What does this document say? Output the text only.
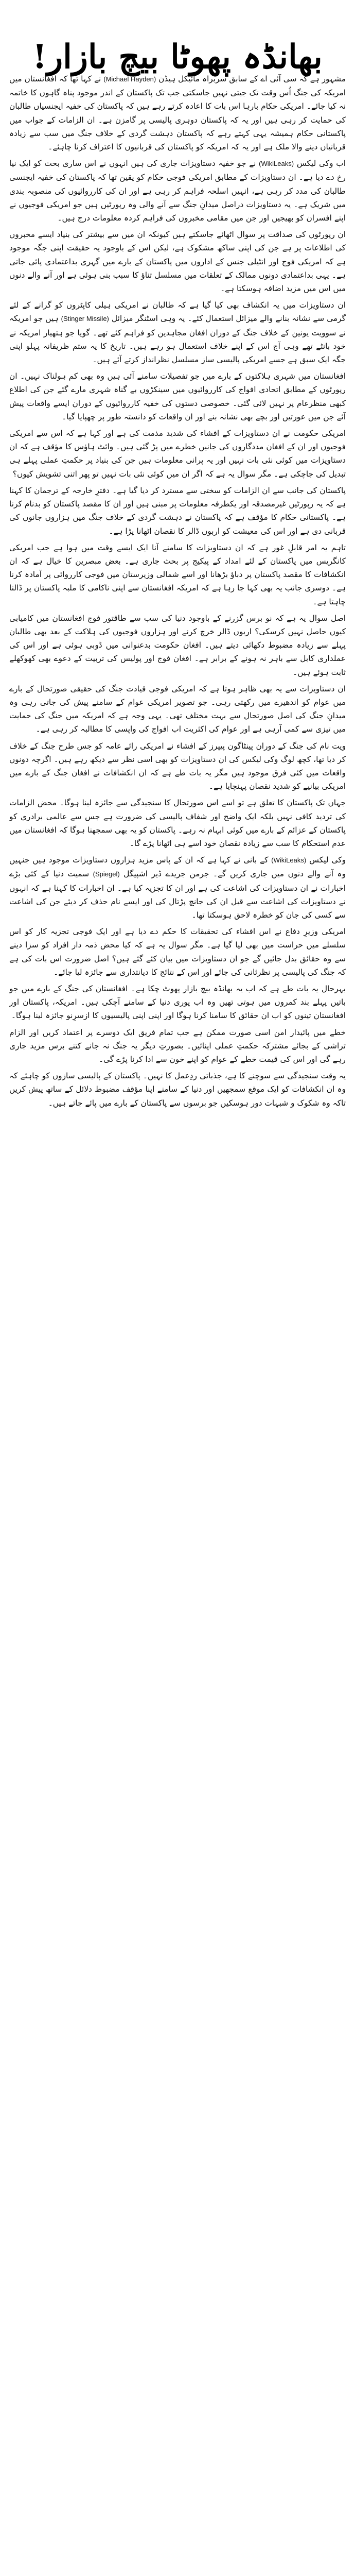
بھانڈہ پھوٹا بیچ بازار!

مشہور ہے کہ سی آئی اے کے سابق سربراہ مائیکل ہیڈن (Michael Hayden) نے کہا تھا کہ افغانستان میں امریکہ کی جنگ اُس وقت تک جیتی نہیں جاسکتی جب تک پاکستان کے اندر موجود پناہ گاہوں کا خاتمہ نہ کیا جائے۔ امریکی حکام بارہا اس بات کا اعادہ کرتے رہے ہیں کہ پاکستان کی خفیہ ایجنسیاں طالبان کی حمایت کر رہی ہیں اور یہ کہ پاکستان دوہری پالیسی پر گامزن ہے۔ ان الزامات کے جواب میں پاکستانی حکام ہمیشہ یہی کہتے رہے کہ پاکستان دہشت گردی کے خلاف جنگ میں سب سے زیادہ قربانیاں دینے والا ملک ہے اور یہ کہ امریکہ کو پاکستان کی قربانیوں کا اعتراف کرنا چاہئے۔

اب وکی لیکس (WikiLeaks) نے جو خفیہ دستاویزات جاری کی ہیں انہوں نے اس ساری بحث کو ایک نیا رخ دے دیا ہے۔ ان دستاویزات کے مطابق امریکی فوجی حکام کو یقین تھا کہ پاکستان کی خفیہ ایجنسی طالبان کی مدد کر رہی ہے، انہیں اسلحہ فراہم کر رہی ہے اور ان کی کارروائیوں کی منصوبہ بندی میں شریک ہے۔ یہ دستاویزات دراصل میدانِ جنگ سے آنے والی وہ رپورٹیں ہیں جو امریکی فوجیوں نے اپنے افسران کو بھیجیں اور جن میں مقامی مخبروں کی فراہم کردہ معلومات درج ہیں۔

ان رپورٹوں کی صداقت پر سوال اٹھائے جاسکتے ہیں کیونکہ ان میں سے بیشتر کی بنیاد ایسے مخبروں کی اطلاعات پر ہے جن کی اپنی ساکھ مشکوک ہے، لیکن اس کے باوجود یہ حقیقت اپنی جگہ موجود ہے کہ امریکی فوج اور انٹیلی جنس کے اداروں میں پاکستان کے بارے میں گہری بداعتمادی پائی جاتی ہے۔ یہی بداعتمادی دونوں ممالک کے تعلقات میں مسلسل تناؤ کا سبب بنی ہوئی ہے اور آنے والے دنوں میں اس میں مزید اضافہ ہوسکتا ہے۔

ان دستاویزات میں یہ انکشاف بھی کیا گیا ہے کہ طالبان نے امریکی ہیلی کاپٹروں کو گرانے کے لئے گرمی سے نشانہ بنانے والے میزائل استعمال کئے۔ یہ وہی اسٹنگر میزائل (Stinger Missile) ہیں جو امریکہ نے سوویت یونین کے خلاف جنگ کے دوران افغان مجاہدین کو فراہم کئے تھے۔ گویا جو ہتھیار امریکہ نے خود بانٹے تھے وہی آج اس کے اپنے خلاف استعمال ہو رہے ہیں۔ تاریخ کا یہ ستم ظریفانہ پہلو اپنی جگہ ایک سبق ہے جسے امریکی پالیسی ساز مسلسل نظرانداز کرتے آئے ہیں۔

افغانستان میں شہری ہلاکتوں کے بارے میں جو تفصیلات سامنے آئی ہیں وہ بھی کم ہولناک نہیں۔ ان رپورٹوں کے مطابق اتحادی افواج کی کارروائیوں میں سینکڑوں بے گناہ شہری مارے گئے جن کی اطلاع کبھی منظرعام پر نہیں لائی گئی۔ خصوصی دستوں کی خفیہ کارروائیوں کے دوران ایسے واقعات پیش آئے جن میں عورتیں اور بچے بھی نشانہ بنے اور ان واقعات کو دانستہ طور پر چھپایا گیا۔

امریکی حکومت نے ان دستاویزات کے افشاء کی شدید مذمت کی ہے اور کہا ہے کہ اس سے امریکی فوجیوں اور ان کے افغان مددگاروں کی جانیں خطرے میں پڑ گئی ہیں۔ وائٹ ہاؤس کا مؤقف ہے کہ ان دستاویزات میں کوئی نئی بات نہیں اور یہ پرانی معلومات ہیں جن کی بنیاد پر حکمتِ عملی پہلے ہی تبدیل کی جاچکی ہے۔ مگر سوال یہ ہے کہ اگر ان میں کوئی نئی بات نہیں تو پھر اتنی تشویش کیوں؟

پاکستان کی جانب سے ان الزامات کو سختی سے مسترد کر دیا گیا ہے۔ دفترِ خارجہ کے ترجمان کا کہنا ہے کہ یہ رپورٹیں غیرمصدقہ اور یکطرفہ معلومات پر مبنی ہیں اور ان کا مقصد پاکستان کو بدنام کرنا ہے۔ پاکستانی حکام کا مؤقف ہے کہ پاکستان نے دہشت گردی کے خلاف جنگ میں ہزاروں جانوں کی قربانی دی ہے اور اس کی معیشت کو اربوں ڈالر کا نقصان اٹھانا پڑا ہے۔

تاہم یہ امر قابلِ غور ہے کہ ان دستاویزات کا سامنے آنا ایک ایسے وقت میں ہوا ہے جب امریکی کانگریس میں پاکستان کے لئے امداد کے پیکیج پر بحث جاری ہے۔ بعض مبصرین کا خیال ہے کہ ان انکشافات کا مقصد پاکستان پر دباؤ بڑھانا اور اسے شمالی وزیرستان میں فوجی کارروائی پر آمادہ کرنا ہے۔ دوسری جانب یہ بھی کہا جا رہا ہے کہ امریکہ افغانستان سے اپنی ناکامی کا ملبہ پاکستان پر ڈالنا چاہتا ہے۔

اصل سوال یہ ہے کہ نو برس گزرنے کے باوجود دنیا کی سب سے طاقتور فوج افغانستان میں کامیابی کیوں حاصل نہیں کرسکی؟ اربوں ڈالر خرچ کرنے اور ہزاروں فوجیوں کی ہلاکت کے بعد بھی طالبان پہلے سے زیادہ مضبوط دکھائی دیتے ہیں۔ افغان حکومت بدعنوانی میں ڈوبی ہوئی ہے اور اس کی عملداری کابل سے باہر نہ ہونے کے برابر ہے۔ افغان فوج اور پولیس کی تربیت کے دعوے بھی کھوکھلے ثابت ہوئے ہیں۔

ان دستاویزات سے یہ بھی ظاہر ہوتا ہے کہ امریکی فوجی قیادت جنگ کی حقیقی صورتحال کے بارے میں عوام کو اندھیرے میں رکھتی رہی۔ جو تصویر امریکی عوام کے سامنے پیش کی جاتی رہی وہ میدانِ جنگ کی اصل صورتحال سے بہت مختلف تھی۔ یہی وجہ ہے کہ امریکہ میں جنگ کی حمایت میں تیزی سے کمی آرہی ہے اور عوام کی اکثریت اب افواج کی واپسی کا مطالبہ کر رہی ہے۔

ویت نام کی جنگ کے دوران پینٹاگون پیپرز کے افشاء نے امریکی رائے عامہ کو جس طرح جنگ کے خلاف کر دیا تھا، کچھ لوگ وکی لیکس کی ان دستاویزات کو بھی اسی نظر سے دیکھ رہے ہیں۔ اگرچہ دونوں واقعات میں کئی فرق موجود ہیں مگر یہ بات طے ہے کہ ان انکشافات نے افغان جنگ کے بارے میں امریکی بیانیے کو شدید نقصان پہنچایا ہے۔

جہاں تک پاکستان کا تعلق ہے تو اسے اس صورتحال کا سنجیدگی سے جائزہ لینا ہوگا۔ محض الزامات کی تردید کافی نہیں بلکہ ایک واضح اور شفاف پالیسی کی ضرورت ہے جس سے عالمی برادری کو پاکستان کے عزائم کے بارے میں کوئی ابہام نہ رہے۔ پاکستان کو یہ بھی سمجھنا ہوگا کہ افغانستان میں عدم استحکام کا سب سے زیادہ نقصان خود اسے ہی اٹھانا پڑے گا۔

وکی لیکس (WikiLeaks) کے بانی نے کہا ہے کہ ان کے پاس مزید ہزاروں دستاویزات موجود ہیں جنہیں وہ آنے والے دنوں میں جاری کریں گے۔ جرمن جریدے ڈیر اشپیگل (Spiegel) سمیت دنیا کے کئی بڑے اخبارات نے ان دستاویزات کی اشاعت کی ہے اور ان کا تجزیہ کیا ہے۔ ان اخبارات کا کہنا ہے کہ انہوں نے دستاویزات کی اشاعت سے قبل ان کی جانچ پڑتال کی اور ایسے نام حذف کر دیئے جن کی اشاعت سے کسی کی جان کو خطرہ لاحق ہوسکتا تھا۔

امریکی وزیرِ دفاع نے اس افشاء کی تحقیقات کا حکم دے دیا ہے اور ایک فوجی تجزیہ کار کو اس سلسلے میں حراست میں بھی لیا گیا ہے۔ مگر سوال یہ ہے کہ کیا محض ذمہ دار افراد کو سزا دینے سے وہ حقائق بدل جائیں گے جو ان دستاویزات میں بیان کئے گئے ہیں؟ اصل ضرورت اس بات کی ہے کہ جنگ کی پالیسی پر نظرثانی کی جائے اور اس کے نتائج کا دیانتداری سے جائزہ لیا جائے۔

بہرحال یہ بات طے ہے کہ اب یہ بھانڈہ بیچ بازار پھوٹ چکا ہے۔ افغانستان کی جنگ کے بارے میں جو باتیں پہلے بند کمروں میں ہوتی تھیں وہ اب پوری دنیا کے سامنے آچکی ہیں۔ امریکہ، پاکستان اور افغانستان تینوں کو اب ان حقائق کا سامنا کرنا ہوگا اور اپنی اپنی پالیسیوں کا ازسرِنو جائزہ لینا ہوگا۔

خطے میں پائیدار امن اسی صورت ممکن ہے جب تمام فریق ایک دوسرے پر اعتماد کریں اور الزام تراشی کے بجائے مشترکہ حکمتِ عملی اپنائیں۔ بصورتِ دیگر یہ جنگ نہ جانے کتنے برس مزید جاری رہے گی اور اس کی قیمت خطے کے عوام کو اپنے خون سے ادا کرنا پڑے گی۔

یہ وقت سنجیدگی سے سوچنے کا ہے، جذباتی ردِعمل کا نہیں۔ پاکستان کے پالیسی سازوں کو چاہئے کہ وہ ان انکشافات کو ایک موقع سمجھیں اور دنیا کے سامنے اپنا مؤقف مضبوط دلائل کے ساتھ پیش کریں تاکہ وہ شکوک و شبہات دور ہوسکیں جو برسوں سے پاکستان کے بارے میں پائے جاتے ہیں۔
